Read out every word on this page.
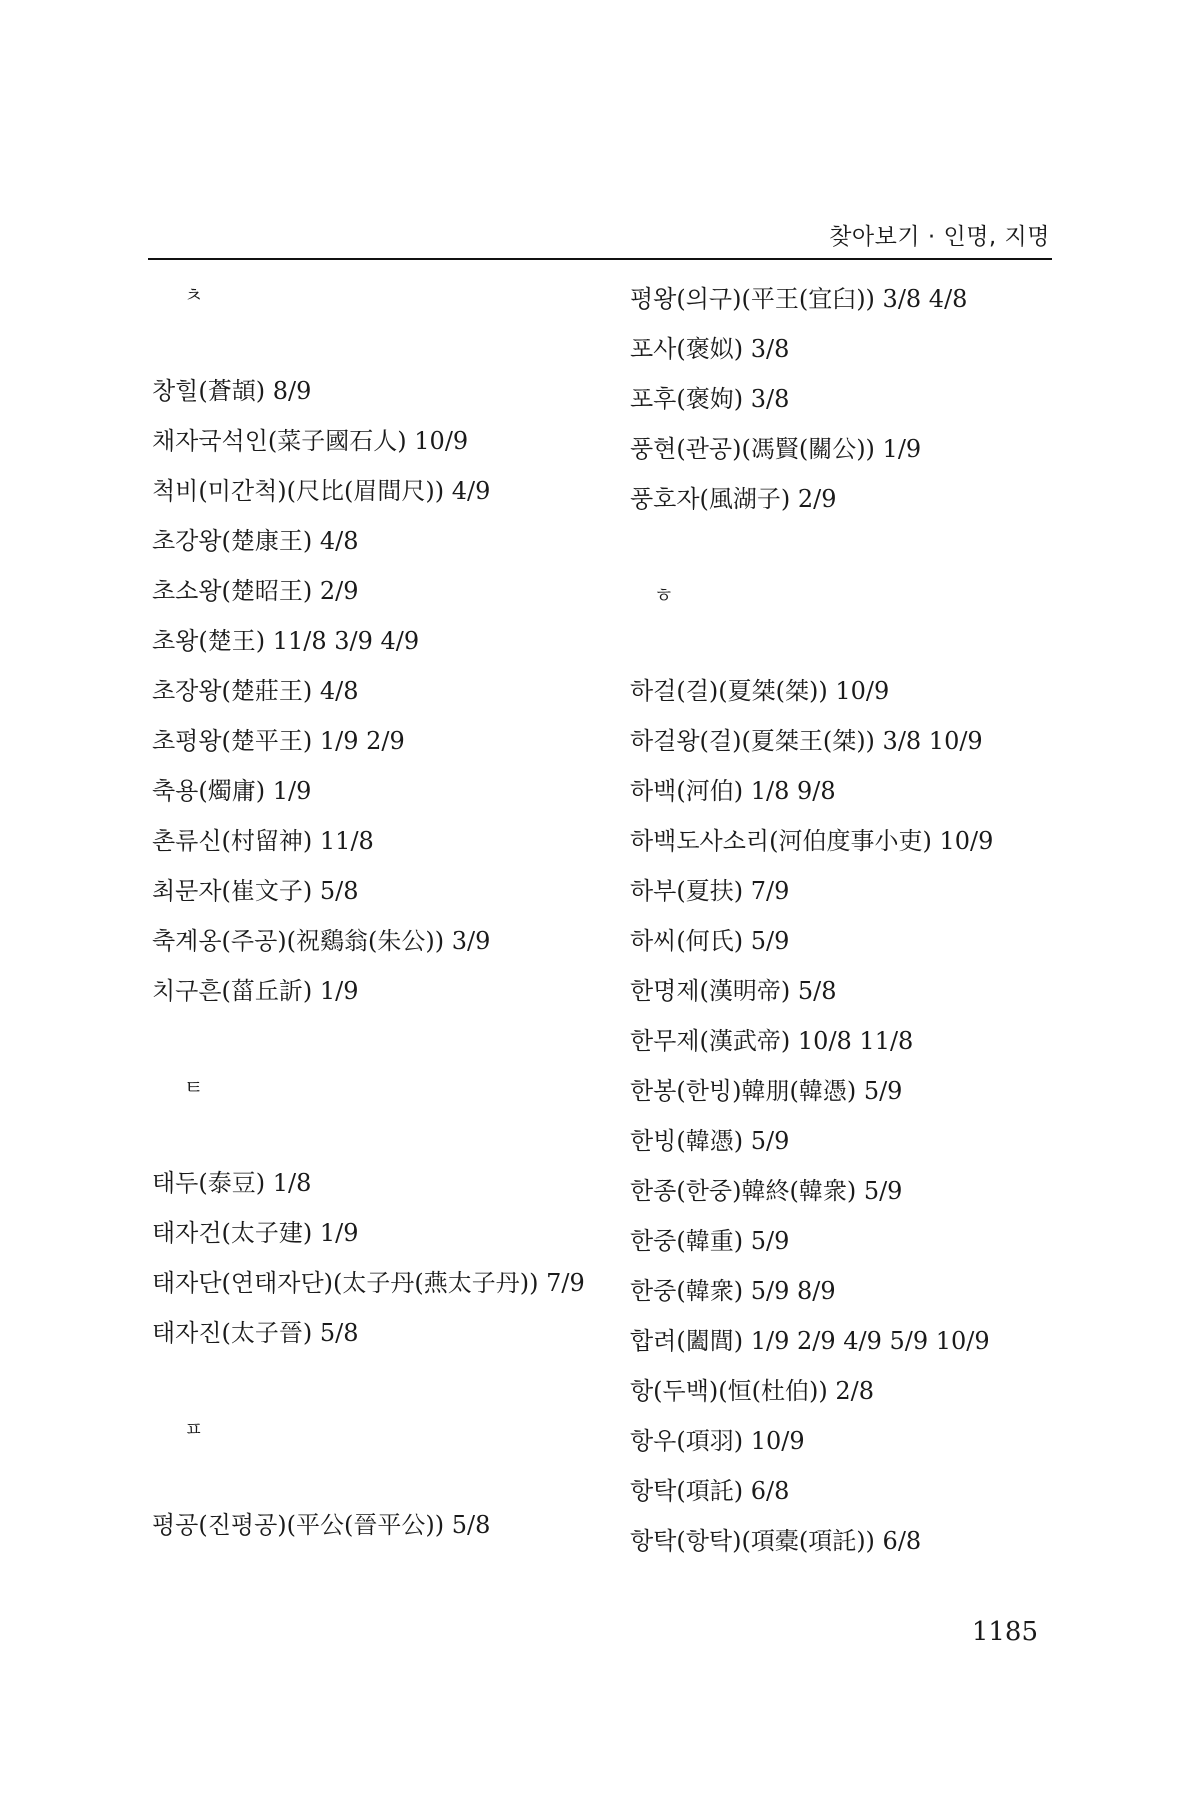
찾아보기 · 인명, 지명
ㅊ
창힐(蒼頡) 8/9
채자국석인(菜子國石人) 10/9
척비(미간척)(尺比(眉間尺)) 4/9
초강왕(楚康王) 4/8
초소왕(楚昭王) 2/9
초왕(楚王) 11/8 3/9 4/9
초장왕(楚莊王) 4/8
초평왕(楚平王) 1/9 2/9
축용(燭庸) 1/9
촌류신(村留神) 11/8
최문자(崔文子) 5/8
축계옹(주공)(祝鷄翁(朱公)) 3/9
치구흔(菑丘訢) 1/9
ㅌ
태두(泰豆) 1/8
태자건(太子建) 1/9
태자단(연태자단)(太子丹(燕太子丹)) 7/9
태자진(太子晉) 5/8
ㅍ
평공(진평공)(平公(晉平公)) 5/8
평왕(의구)(平王(宜臼)) 3/8 4/8
포사(褒姒) 3/8
포후(褒姁) 3/8
풍현(관공)(馮賢(關公)) 1/9
풍호자(風湖子) 2/9
ㅎ
하걸(걸)(夏桀(桀)) 10/9
하걸왕(걸)(夏桀王(桀)) 3/8 10/9
하백(河伯) 1/8 9/8
하백도사소리(河伯度事小吏) 10/9
하부(夏扶) 7/9
하씨(何氏) 5/9
한명제(漢明帝) 5/8
한무제(漢武帝) 10/8 11/8
한봉(한빙)韓朋(韓憑) 5/9
한빙(韓憑) 5/9
한종(한중)韓終(韓衆) 5/9
한중(韓重) 5/9
한중(韓衆) 5/9 8/9
합려(闔閭) 1/9 2/9 4/9 5/9 10/9
항(두백)(恒(杜伯)) 2/8
항우(項羽) 10/9
항탁(項託) 6/8
항탁(항탁)(項橐(項託)) 6/8
1185
